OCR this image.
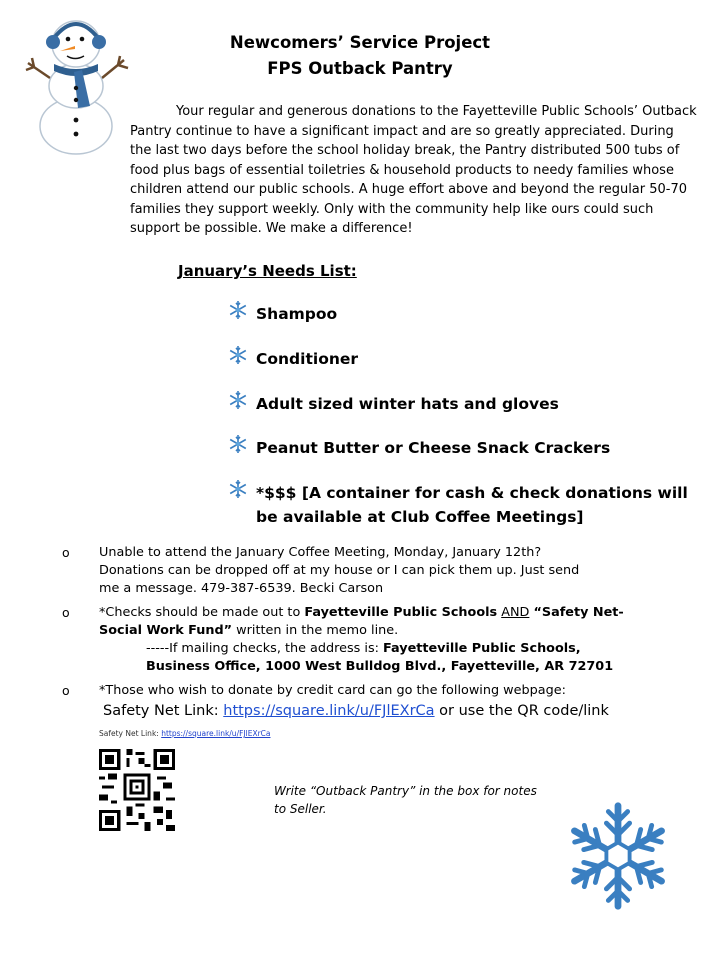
Newcomers’ Service Project
FPS Outback Pantry
Your regular and generous donations to the Fayetteville Public Schools’ Outback Pantry continue to have a significant impact and are so greatly appreciated. During the last two days before the school holiday break, the Pantry distributed 500 tubs of food plus bags of essential toiletries & household products to needy families whose children attend our public schools. A huge effort above and beyond the regular 50-70 families they support weekly. Only with the community help like ours could such support be possible. We make a difference!
January’s Needs List:
Shampoo
Conditioner
Adult sized winter hats and gloves
Peanut Butter or Cheese Snack Crackers
*$$$ [A container for cash & check donations will be available at Club Coffee Meetings]
o Unable to attend the January Coffee Meeting, Monday, January 12th?
Donations can be dropped off at my house or I can pick them up. Just send
me a message. 479-387-6539. Becki Carson
o *Checks should be made out to Fayetteville Public Schools AND “Safety Net-
Social Work Fund” written in the memo line.
-----If mailing checks, the address is: Fayetteville Public Schools,
Business Office, 1000 West Bulldog Blvd., Fayetteville, AR 72701
o *Those who wish to donate by credit card can go the following webpage:
Safety Net Link: https://square.link/u/FJlEXrCa or use the QR code/link
Safety Net Link: https://square.link/u/FJlEXrCa
Write “Outback Pantry” in the box for notes
to Seller.
